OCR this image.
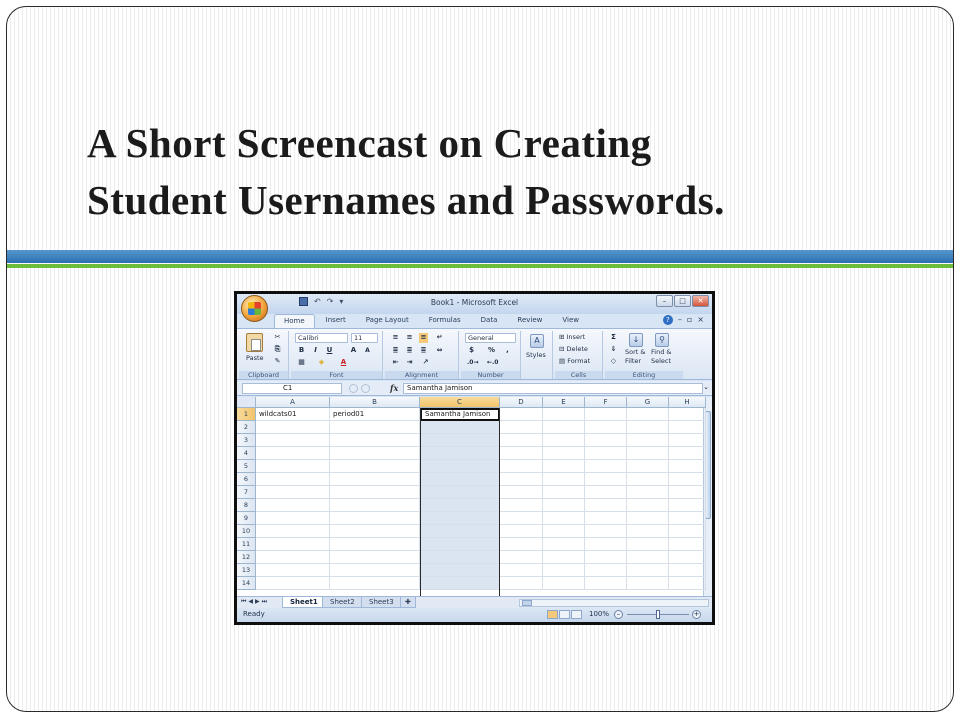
A Short Screencast on Creating
Student Usernames and Passwords.
↶ ↷ ▾	Book1 - Microsoft Excel	–	□	✕
Home	Insert	Page Layout	Formulas	Data	Review	View	?	– ▫ ×
Paste
✂
⎘
✎
Clipboard
Calibri	11
B	I	U	A	A
▦ ◈ A
Font
≡ ≡ ≡ ↵
≣ ≣ ≣ ⇔
⇤ ⇥ ↗
Alignment
General
$ %	,
.0→ ←.0
Number
A
Styles
⊞ Insert
⊟ Delete
▤ Format
Cells
Σ
⇓
◇
↓
Sort &
Filter
⚲
Find &
Select
Editing
C1	fx	Samantha Jamison	⌄
A	B	C	D	E	F	G	H
1	wildcats01	period01	Samantha Jamison
2
3
4
5
6
7
8
9
10
11
12
13
14
⏮◀▶⏭	Sheet1	Sheet2	Sheet3	✚
Ready	100%	–	+
